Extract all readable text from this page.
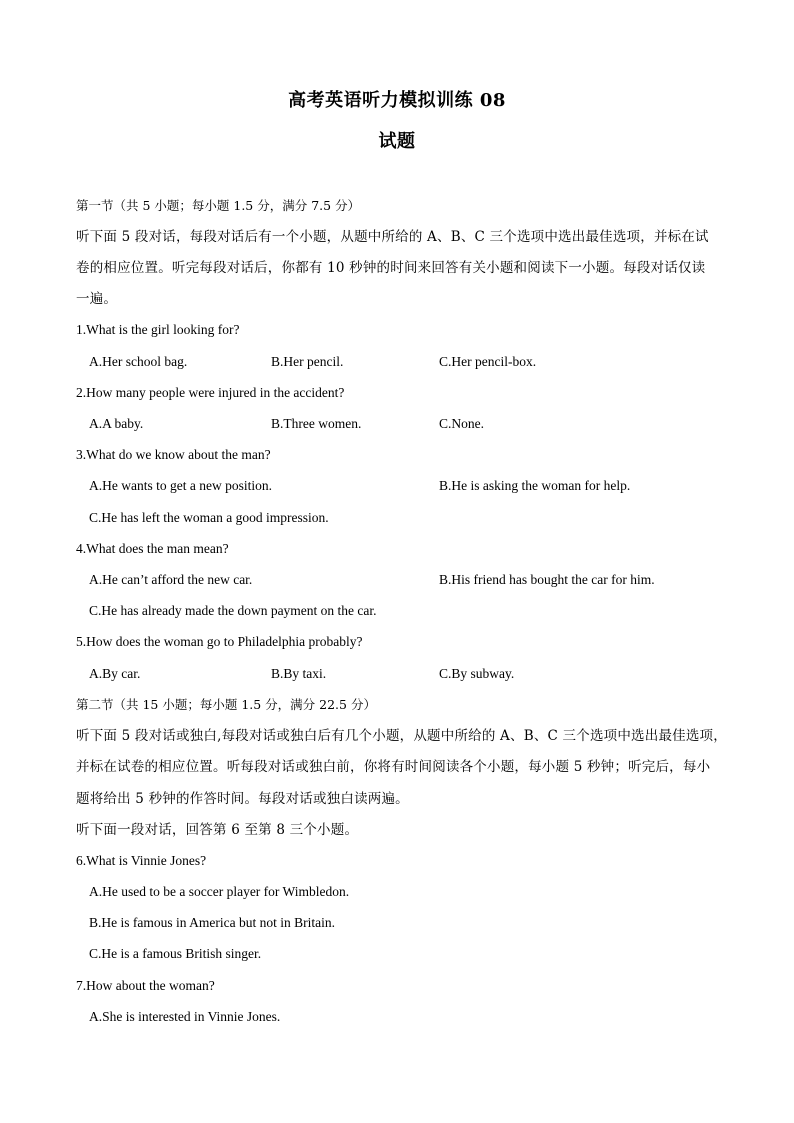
高考英语听力模拟训练 08
试题
第一节（共 5 小题；每小题 1.5 分，满分 7.5 分）
听下面 5 段对话，每段对话后有一个小题，从题中所给的 A、B、C 三个选项中选出最佳选项，并标在试
卷的相应位置。听完每段对话后，你都有 10 秒钟的时间来回答有关小题和阅读下一小题。每段对话仅读
一遍。
1.What is the girl looking for?
A.Her school bag.	B.Her pencil.	C.Her pencil-box.
2.How many people were injured in the accident?
A.A baby.	B.Three women.	C.None.
3.What do we know about the man?
A.He wants to get a new position.	B.He is asking the woman for help.
C.He has left the woman a good impression.
4.What does the man mean?
A.He can’t afford the new car.	B.His friend has bought the car for him.
C.He has already made the down payment on the car.
5.How does the woman go to Philadelphia probably?
A.By car.	B.By taxi.	C.By subway.
第二节（共 15 小题；每小题 1.5 分，满分 22.5 分）
听下面 5 段对话或独白,每段对话或独白后有几个小题，从题中所给的 A、B、C 三个选项中选出最佳选项，
并标在试卷的相应位置。听每段对话或独白前，你将有时间阅读各个小题，每小题 5 秒钟；听完后，每小
题将给出 5 秒钟的作答时间。每段对话或独白读两遍。
听下面一段对话，回答第 6 至第 8 三个小题。
6.What is Vinnie Jones?
A.He used to be a soccer player for Wimbledon.
B.He is famous in America but not in Britain.
C.He is a famous British singer.
7.How about the woman?
A.She is interested in Vinnie Jones.
